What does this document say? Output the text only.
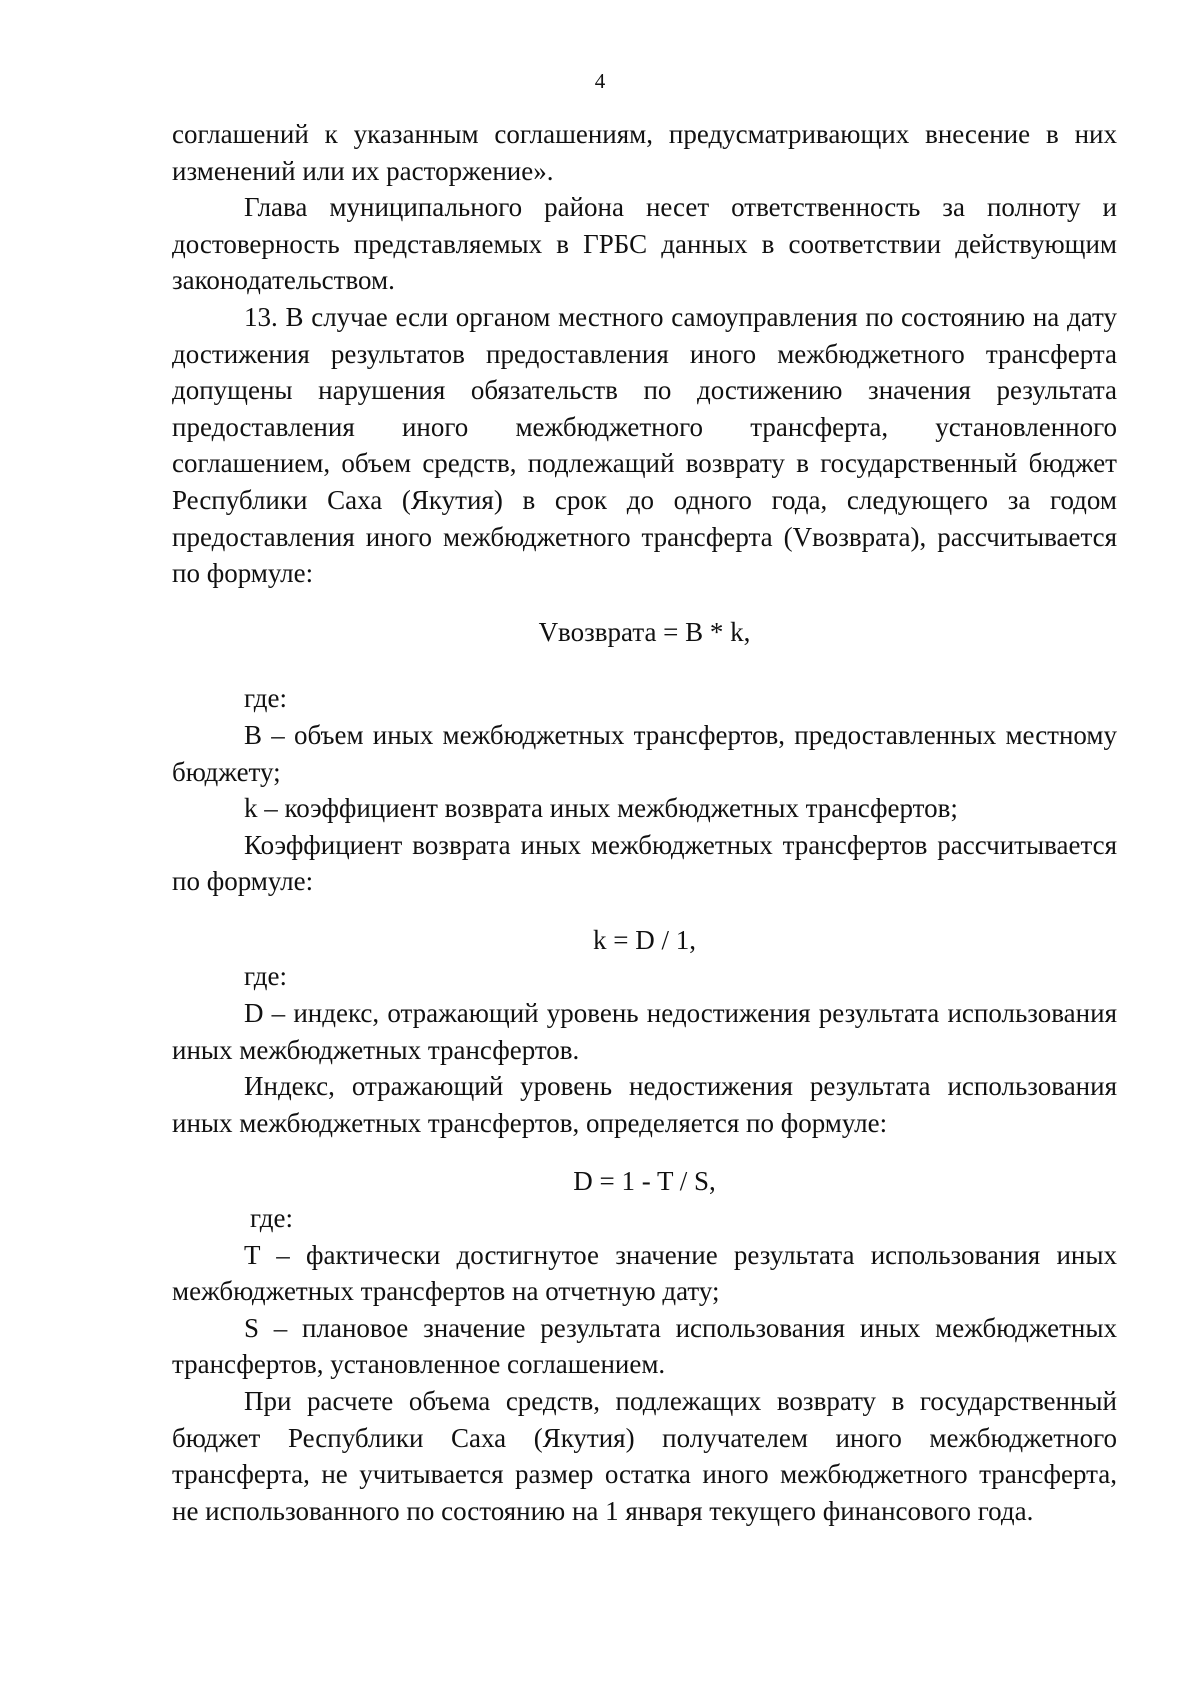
4

соглашений к указанным соглашениям, предусматривающих внесение в них изменений или их расторжение».

Глава муниципального района несет ответственность за полноту и достоверность представляемых в ГРБС данных в соответствии действующим законодательством.

13. В случае если органом местного самоуправления по состоянию на дату достижения результатов предоставления иного межбюджетного трансферта допущены нарушения обязательств по достижению значения результата предоставления иного межбюджетного трансферта, установленного соглашением, объем средств, подлежащий возврату в государственный бюджет Республики Саха (Якутия) в срок до одного года, следующего за годом предоставления иного межбюджетного трансферта (Vвозврата), рассчитывается по формуле:

Vвозврата = B * k,

где:

B – объем иных межбюджетных трансфертов, предоставленных местному бюджету;

k – коэффициент возврата иных межбюджетных трансфертов;

Коэффициент возврата иных межбюджетных трансфертов рассчитывается по формуле:

k = D / 1,

где:

D – индекс, отражающий уровень недостижения результата использования иных межбюджетных трансфертов.

Индекс, отражающий уровень недостижения результата использования иных межбюджетных трансфертов, определяется по формуле:

D = 1 - T / S,

где:

T – фактически достигнутое значение результата использования иных межбюджетных трансфертов на отчетную дату;

S – плановое значение результата использования иных межбюджетных трансфертов, установленное соглашением.

При расчете объема средств, подлежащих возврату в государственный бюджет Республики Саха (Якутия) получателем иного межбюджетного трансферта, не учитывается размер остатка иного межбюджетного трансферта, не использованного по состоянию на 1 января текущего финансового года.
